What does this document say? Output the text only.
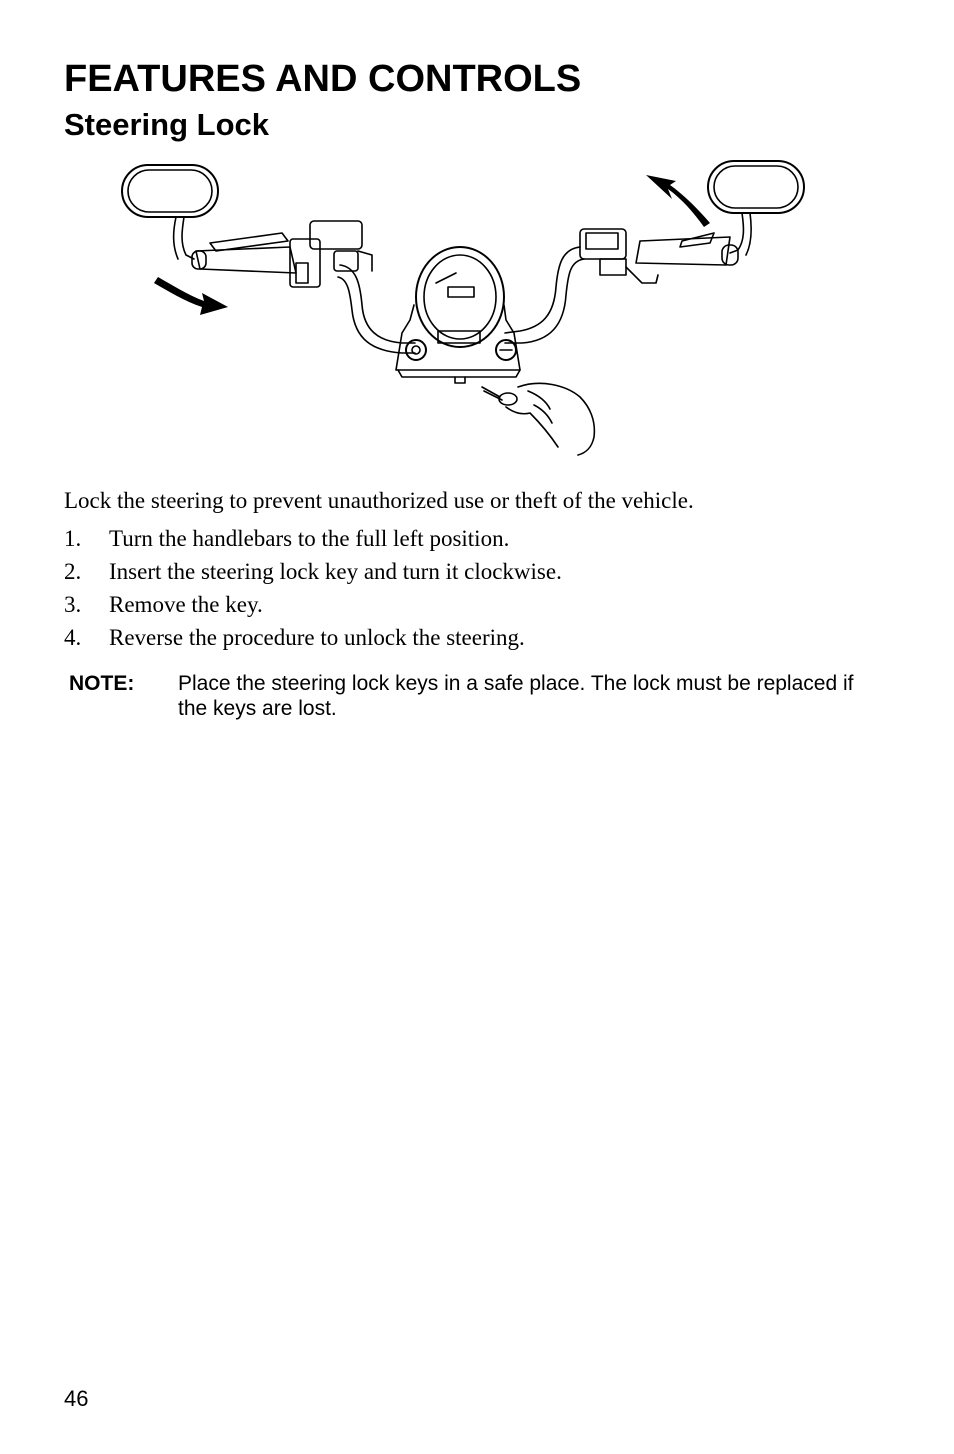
FEATURES AND CONTROLS
Steering Lock

Lock the steering to prevent unauthorized use or theft of the vehicle.

1. Turn the handlebars to the full left position.
2. Insert the steering lock key and turn it clockwise.
3. Remove the key.
4. Reverse the procedure to unlock the steering.
NOTE: Place the steering lock keys in a safe place. The lock must be replaced if the keys are lost.
46
